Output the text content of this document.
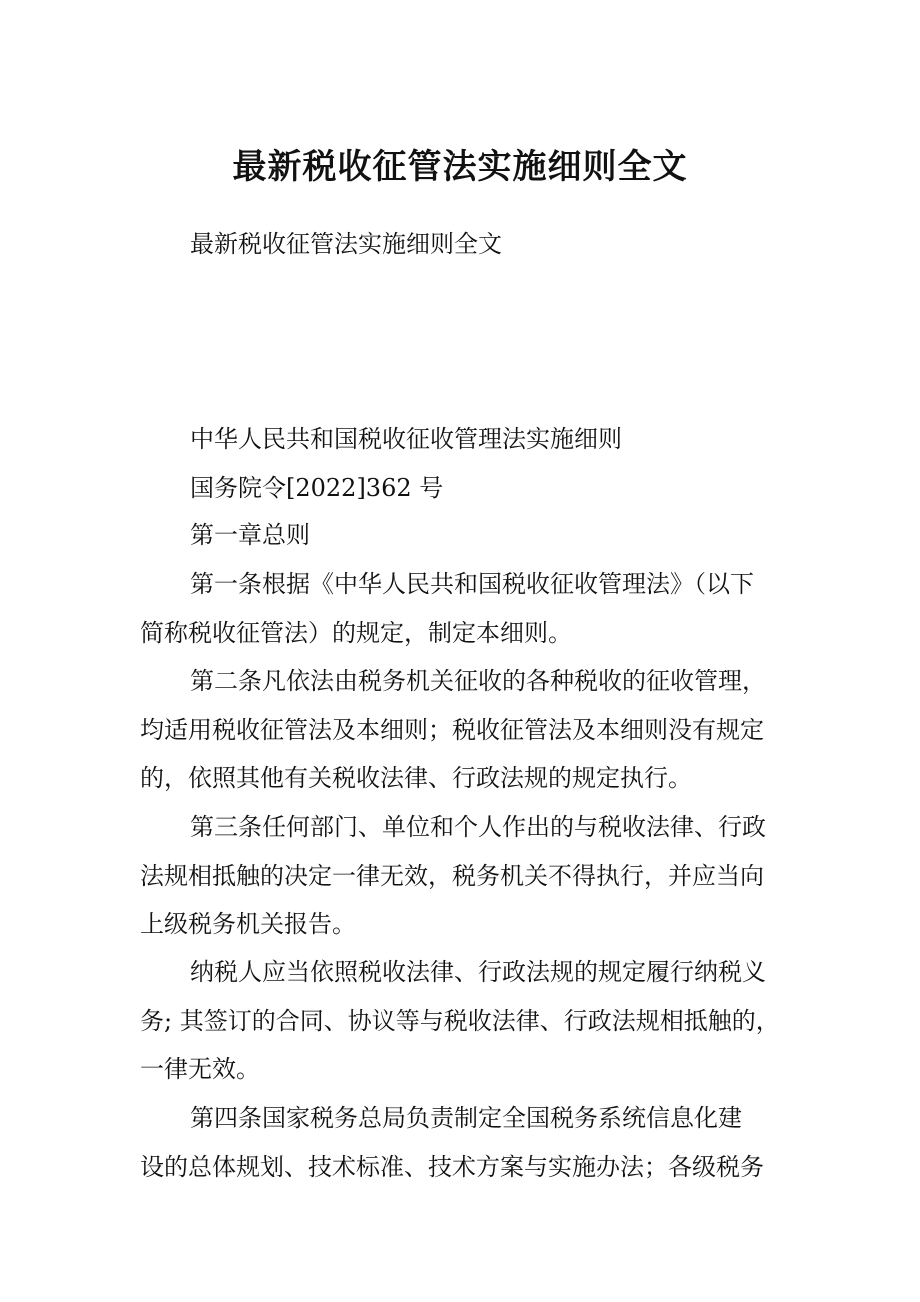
最新税收征管法实施细则全文
最新税收征管法实施细则全文
中华人民共和国税收征收管理法实施细则
国务院令[2022]362 号
第一章总则
第一条根据《中华人民共和国税收征收管理法》（以下
简称税收征管法）的规定，制定本细则。
第二条凡依法由税务机关征收的各种税收的征收管理，
均适用税收征管法及本细则；税收征管法及本细则没有规定
的，依照其他有关税收法律、行政法规的规定执行。
第三条任何部门、单位和个人作出的与税收法律、行政
法规相抵触的决定一律无效，税务机关不得执行，并应当向
上级税务机关报告。
纳税人应当依照税收法律、行政法规的规定履行纳税义
务; 其签订的合同、协议等与税收法律、行政法规相抵触的，
一律无效。
第四条国家税务总局负责制定全国税务系统信息化建
设的总体规划、技术标准、技术方案与实施办法；各级税务
